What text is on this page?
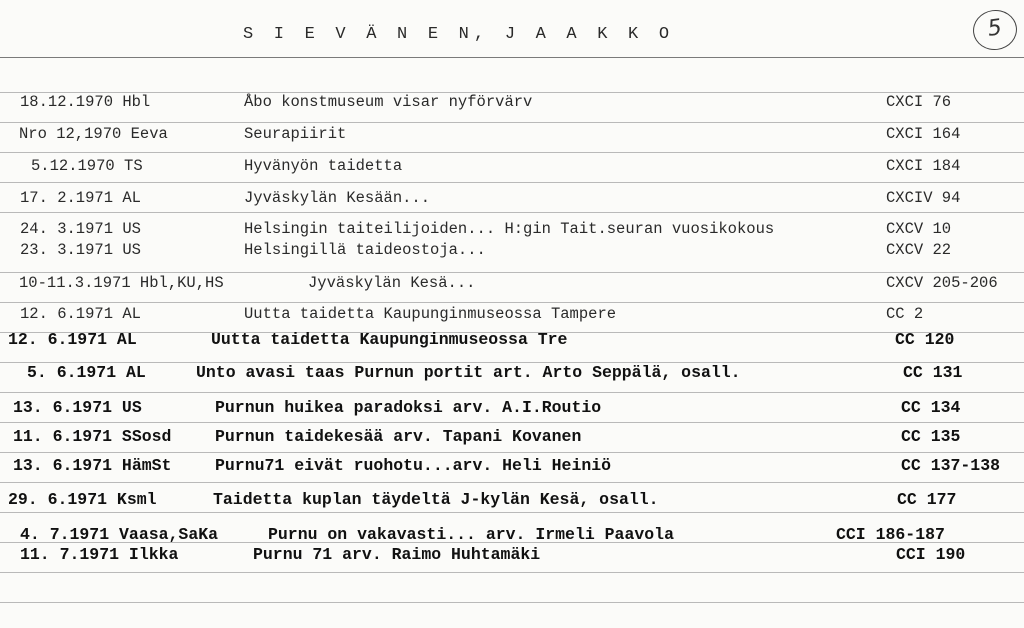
S I E V Ä N E N, J A A K K O	5
18.12.1970 Hbl	Åbo konstmuseum visar nyförvärv	CXCI 76
Nro 12,1970 Eeva	Seurapiirit	CXCI 164
5.12.1970 TS	Hyvänyön taidetta	CXCI 184
17. 2.1971 AL	Jyväskylän Kesään...	CXCIV 94
24. 3.1971 US	Helsingin taiteilijoiden... H:gin Tait.seuran vuosikokous	CXCV 10
23. 3.1971 US	Helsingillä taideostoja...	CXCV 22
10-11.3.1971 Hbl,KU,HS	Jyväskylän Kesä...	CXCV 205-206
12. 6.1971 AL	Uutta taidetta Kaupunginmuseossa Tampere	CC 2
12. 6.1971 AL	Uutta taidetta Kaupunginmuseossa Tre	CC 120
5. 6.1971 AL	Unto avasi taas Purnun portit art. Arto Seppälä, osall.	CC 131
13. 6.1971 US	Purnun huikea paradoksi arv. A.I.Routio	CC 134
11. 6.1971 SSosd	Purnun taidekesää arv. Tapani Kovanen	CC 135
13. 6.1971 HämSt	Purnu71 eivät ruohotu...arv. Heli Heiniö	CC 137-138
29. 6.1971 Ksml	Taidetta kuplan täydeltä J-kylän Kesä, osall.	CC 177
4. 7.1971 Vaasa,SaKa	Purnu on vakavasti... arv. Irmeli Paavola	CCI 186-187
11. 7.1971 Ilkka	Purnu 71 arv. Raimo Huhtamäki	CCI 190
